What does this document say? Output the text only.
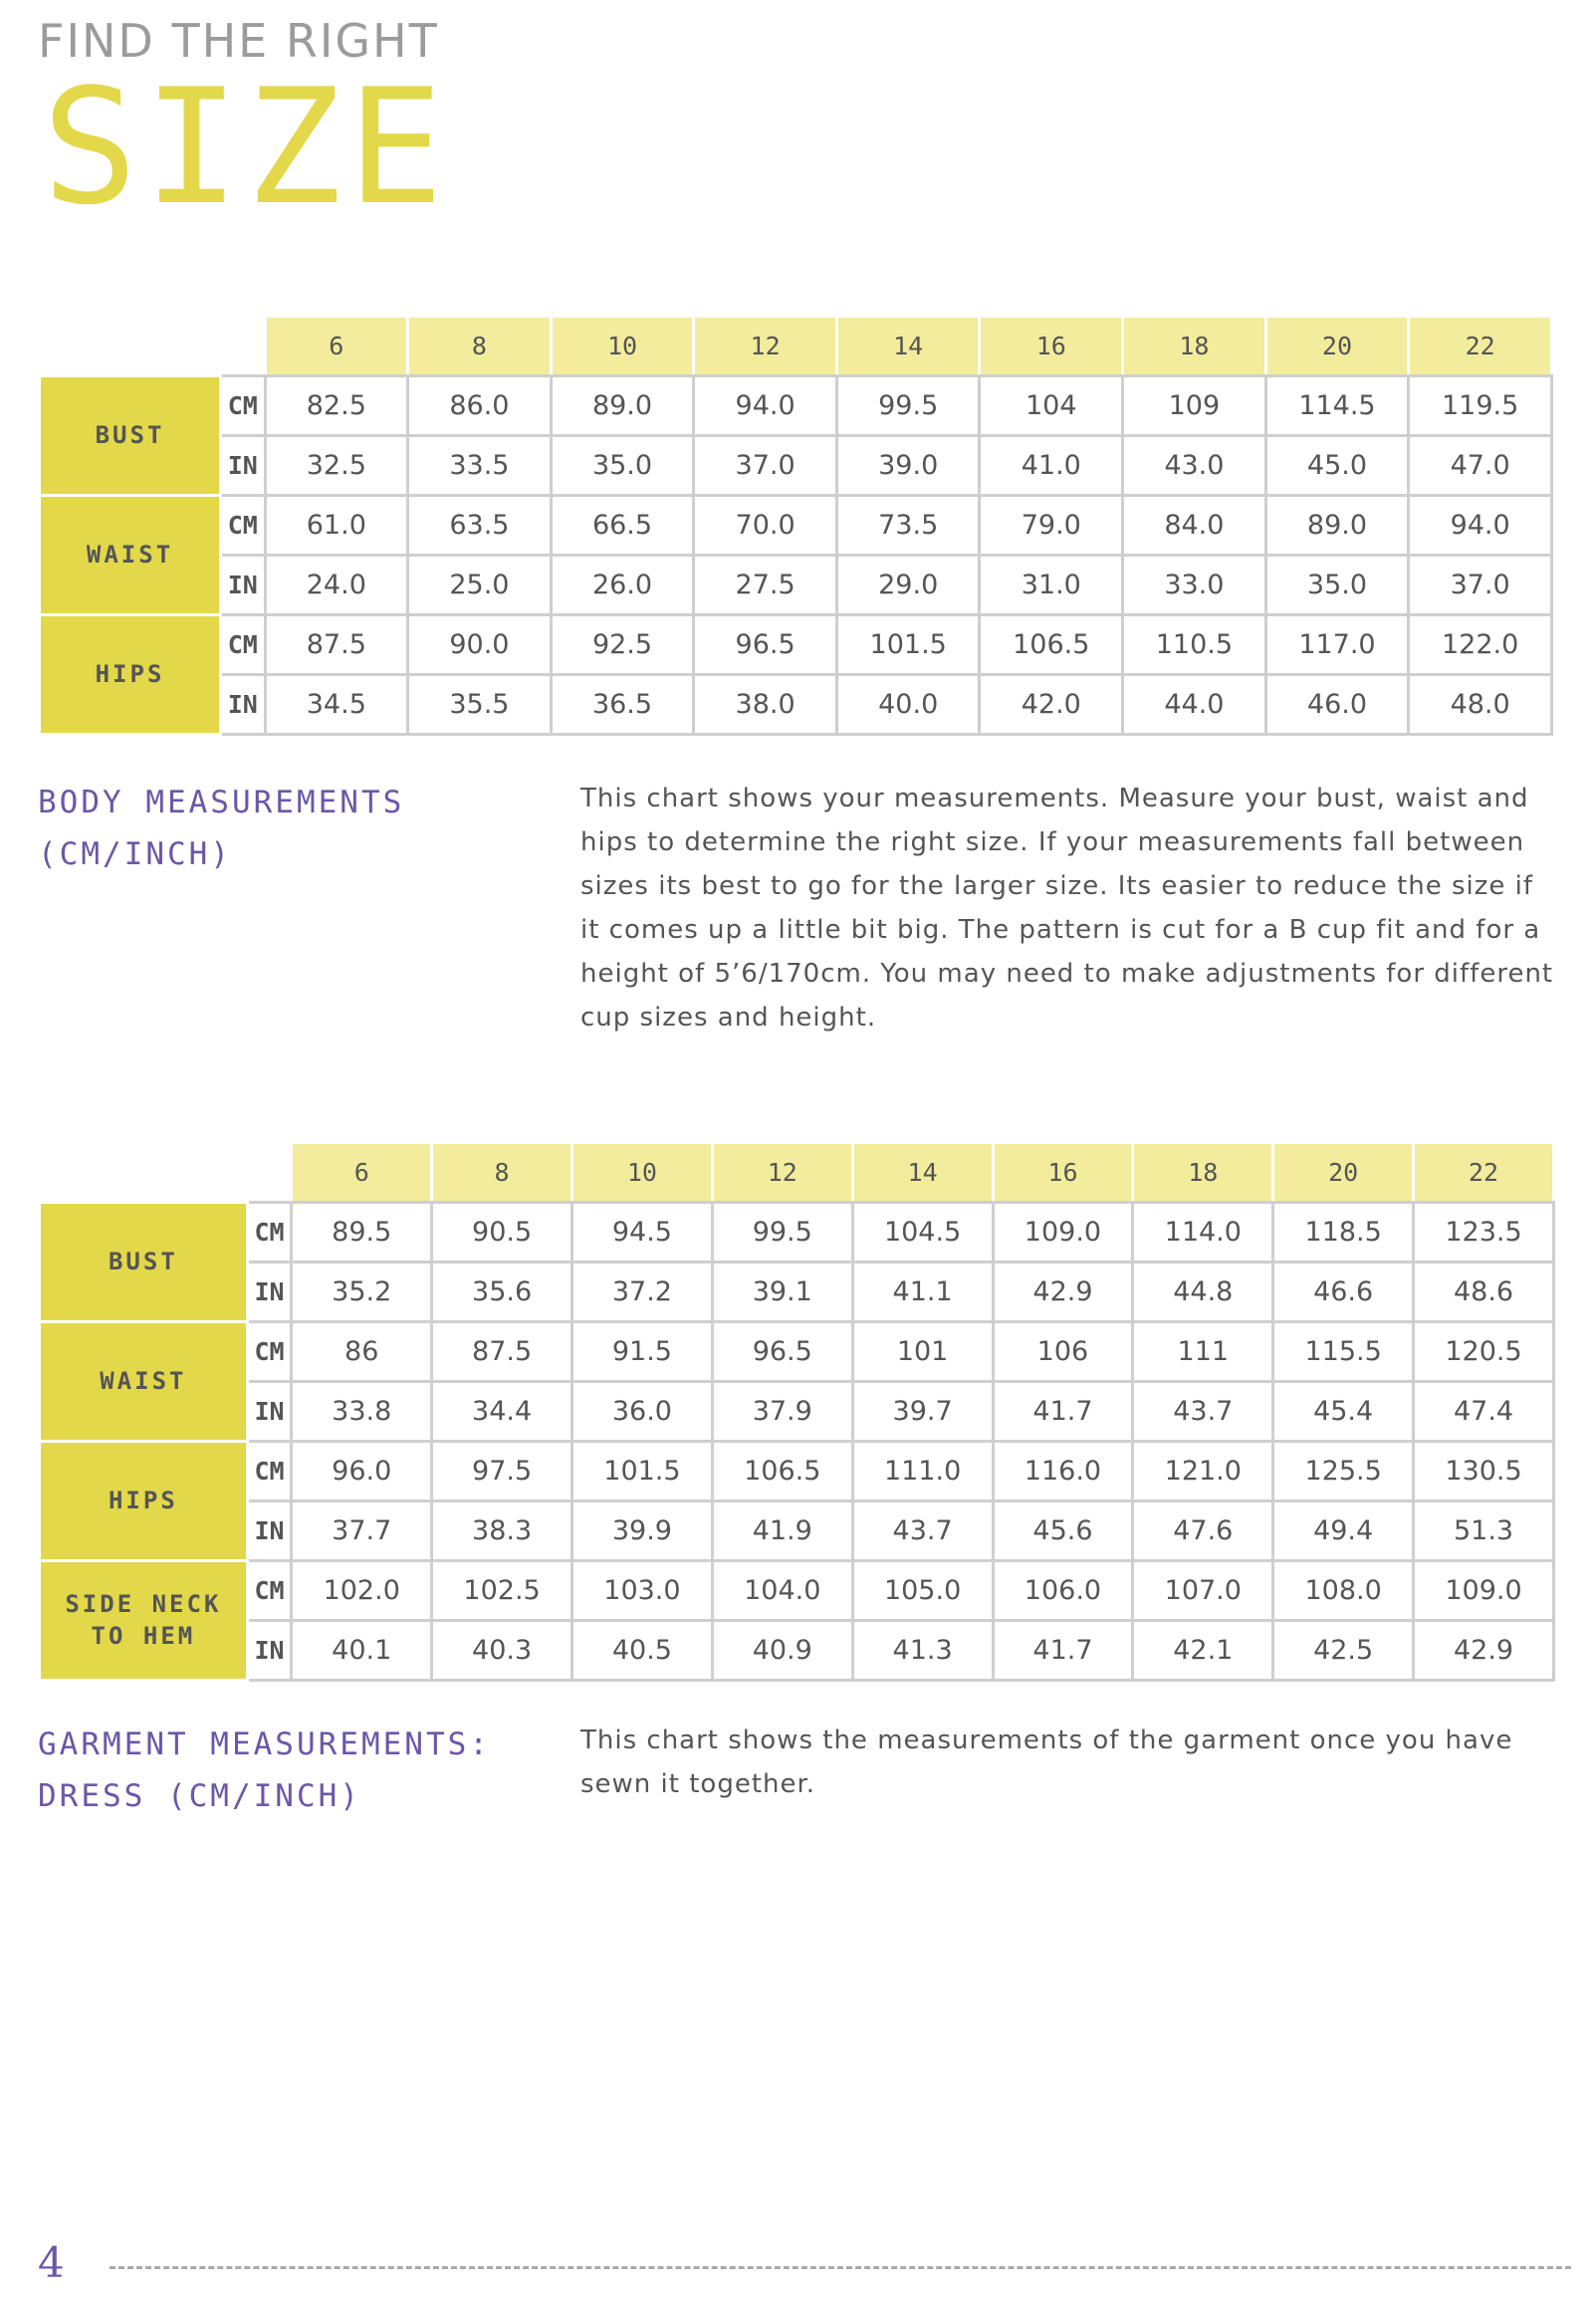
FIND THE RIGHT
SIZE
		6	8	10	12	14	16	18	20	22
BUST	CM	82.5	86.0	89.0	94.0	99.5	104	109	114.5	119.5
	IN	32.5	33.5	35.0	37.0	39.0	41.0	43.0	45.0	47.0
WAIST	CM	61.0	63.5	66.5	70.0	73.5	79.0	84.0	89.0	94.0
	IN	24.0	25.0	26.0	27.5	29.0	31.0	33.0	35.0	37.0
HIPS	CM	87.5	90.0	92.5	96.5	101.5	106.5	110.5	117.0	122.0
	IN	34.5	35.5	36.5	38.0	40.0	42.0	44.0	46.0	48.0
BODY MEASUREMENTS
(CM/INCH)
This chart shows your measurements. Measure your bust, waist and hips to determine the right size. If your measurements fall between sizes its best to go for the larger size. Its easier to reduce the size if it comes up a little bit big. The pattern is cut for a B cup fit and for a height of 5’6/170cm. You may need to make adjustments for different cup sizes and height.
		6	8	10	12	14	16	18	20	22
BUST	CM	89.5	90.5	94.5	99.5	104.5	109.0	114.0	118.5	123.5
	IN	35.2	35.6	37.2	39.1	41.1	42.9	44.8	46.6	48.6
WAIST	CM	86	87.5	91.5	96.5	101	106	111	115.5	120.5
	IN	33.8	34.4	36.0	37.9	39.7	41.7	43.7	45.4	47.4
HIPS	CM	96.0	97.5	101.5	106.5	111.0	116.0	121.0	125.5	130.5
	IN	37.7	38.3	39.9	41.9	43.7	45.6	47.6	49.4	51.3
SIDE NECK TO HEM	CM	102.0	102.5	103.0	104.0	105.0	106.0	107.0	108.0	109.0
	IN	40.1	40.3	40.5	40.9	41.3	41.7	42.1	42.5	42.9
GARMENT MEASUREMENTS:
DRESS (CM/INCH)
This chart shows the measurements of the garment once you have sewn it together.
4
